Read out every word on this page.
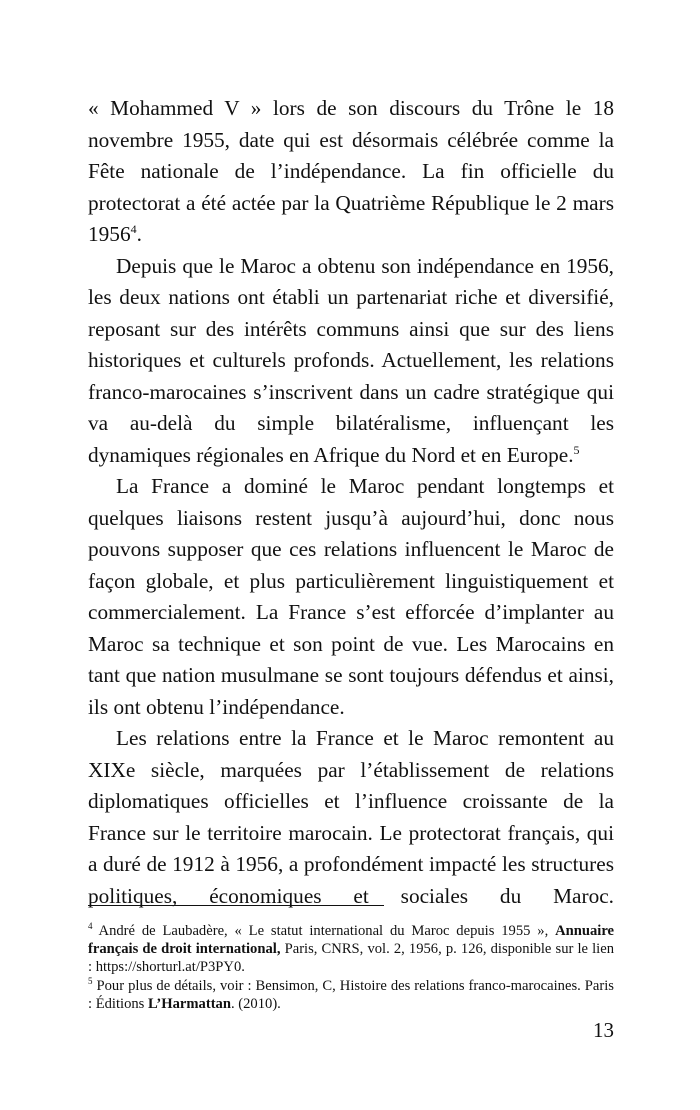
« Mohammed V » lors de son discours du Trône le 18 novembre 1955, date qui est désormais célébrée comme la Fête nationale de l’indépendance. La fin officielle du protectorat a été actée par la Quatrième République le 2 mars 1956$^4$.

Depuis que le Maroc a obtenu son indépendance en 1956, les deux nations ont établi un partenariat riche et diversifié, reposant sur des intérêts communs ainsi que sur des liens historiques et culturels profonds. Actuellement, les relations franco-marocaines s’inscrivent dans un cadre stratégique qui va au-delà du simple bilatéralisme, influençant les dynamiques régionales en Afrique du Nord et en Europe.$^5$

La France a dominé le Maroc pendant longtemps et quelques liaisons restent jusqu’à aujourd’hui, donc nous pouvons supposer que ces relations influencent le Maroc de façon globale, et plus particulièrement linguistiquement et commercialement. La France s’est efforcée d’implanter au Maroc sa technique et son point de vue. Les Marocains en tant que nation musulmane se sont toujours défendus et ainsi, ils ont obtenu l’indépendance.

Les relations entre la France et le Maroc remontent au XIXe siècle, marquées par l’établissement de relations diplomatiques officielles et l’influence croissante de la France sur le territoire marocain. Le protectorat français, qui a duré de 1912 à 1956, a profondément impacté les structures politiques, économiques et sociales du Maroc.

$^4$ André de Laubadère, « Le statut international du Maroc depuis 1955 », Annuaire français de droit international, Paris, CNRS, vol. 2, 1956, p. 126, disponible sur le lien : https://shorturl.at/P3PY0.

$^5$ Pour plus de détails, voir : Bensimon, C, Histoire des relations franco-marocaines. Paris : Éditions L’Harmattan. (2010).

13
